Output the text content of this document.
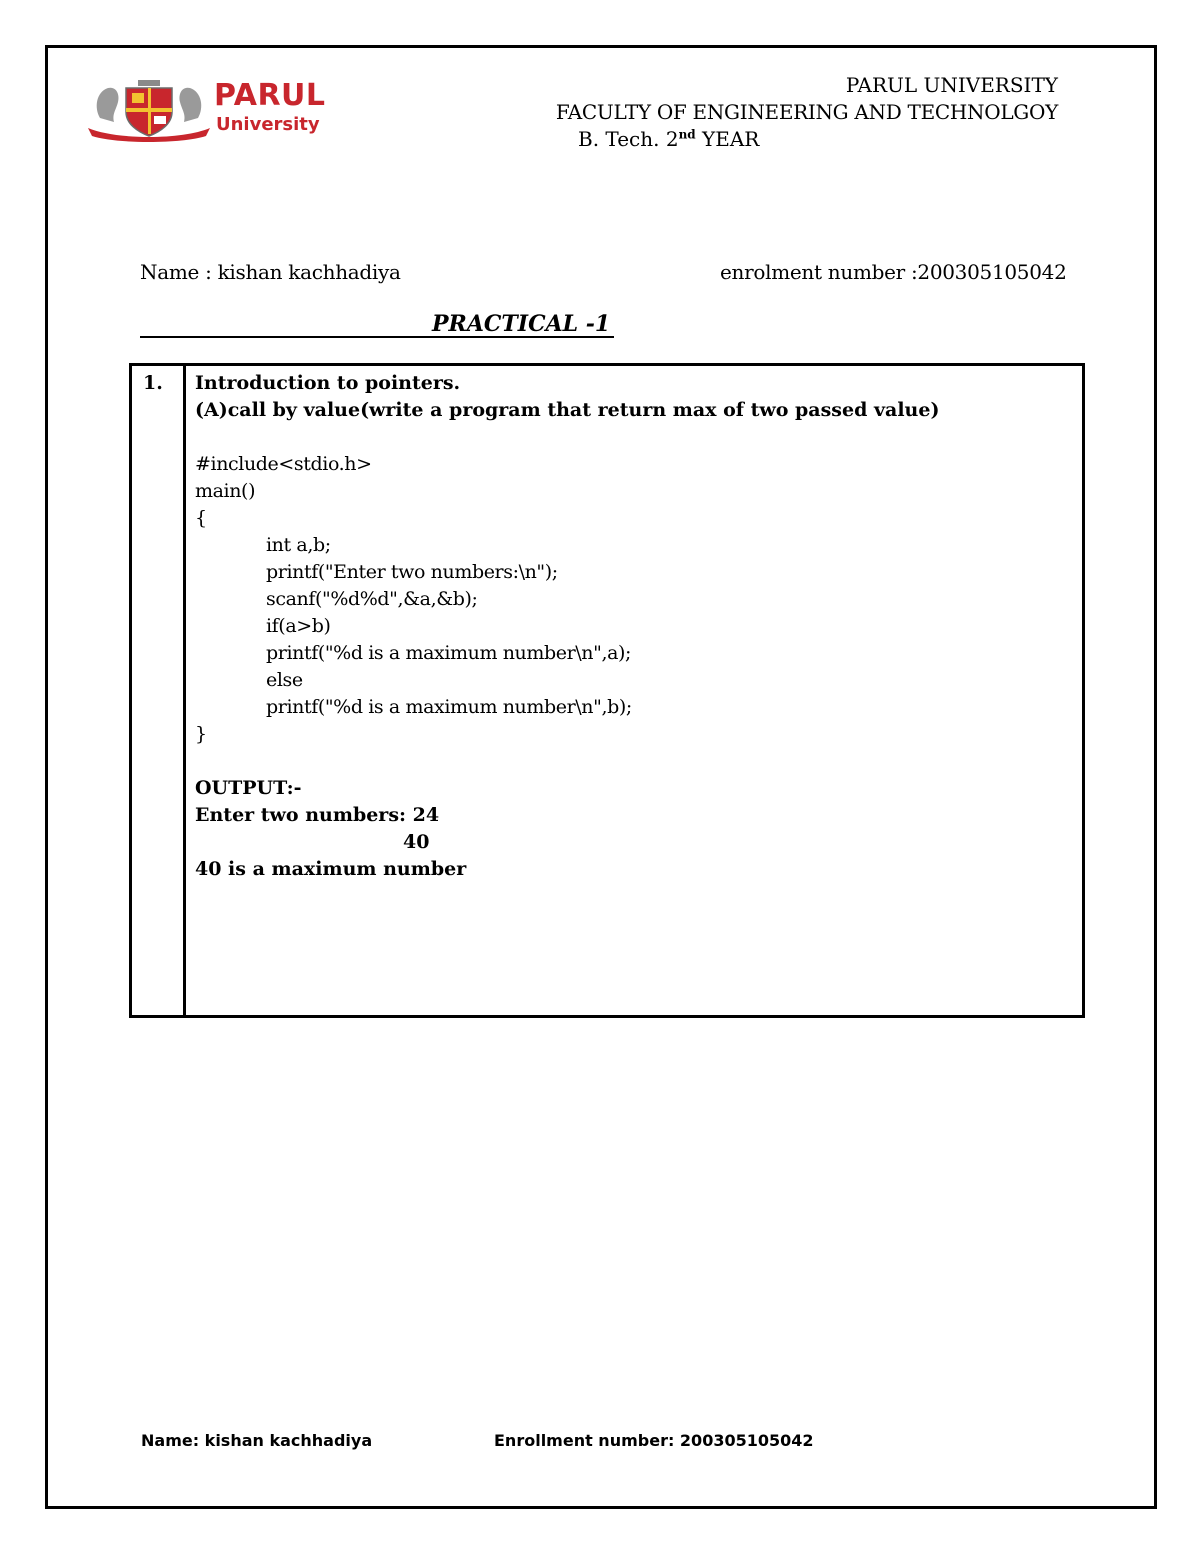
PARUL
University
PARUL UNIVERSITY
FACULTY OF ENGINEERING AND TECHNOLGOY
B. Tech. 2nd YEAR
Name : kishan kachhadiya	enrolment number :200305105042
PRACTICAL -1
1. Introduction to pointers.
(A)call by value(write a program that return max of two passed value)
#include<stdio.h>
main()
{
int a,b;
printf("Enter two numbers:\n");
scanf("%d%d",&a,&b);
if(a>b)
printf("%d is a maximum number\n",a);
else
printf("%d is a maximum number\n",b);
}
OUTPUT:-
Enter two numbers: 24
40
40 is a maximum number
Name: kishan kachhadiya	Enrollment number: 200305105042
